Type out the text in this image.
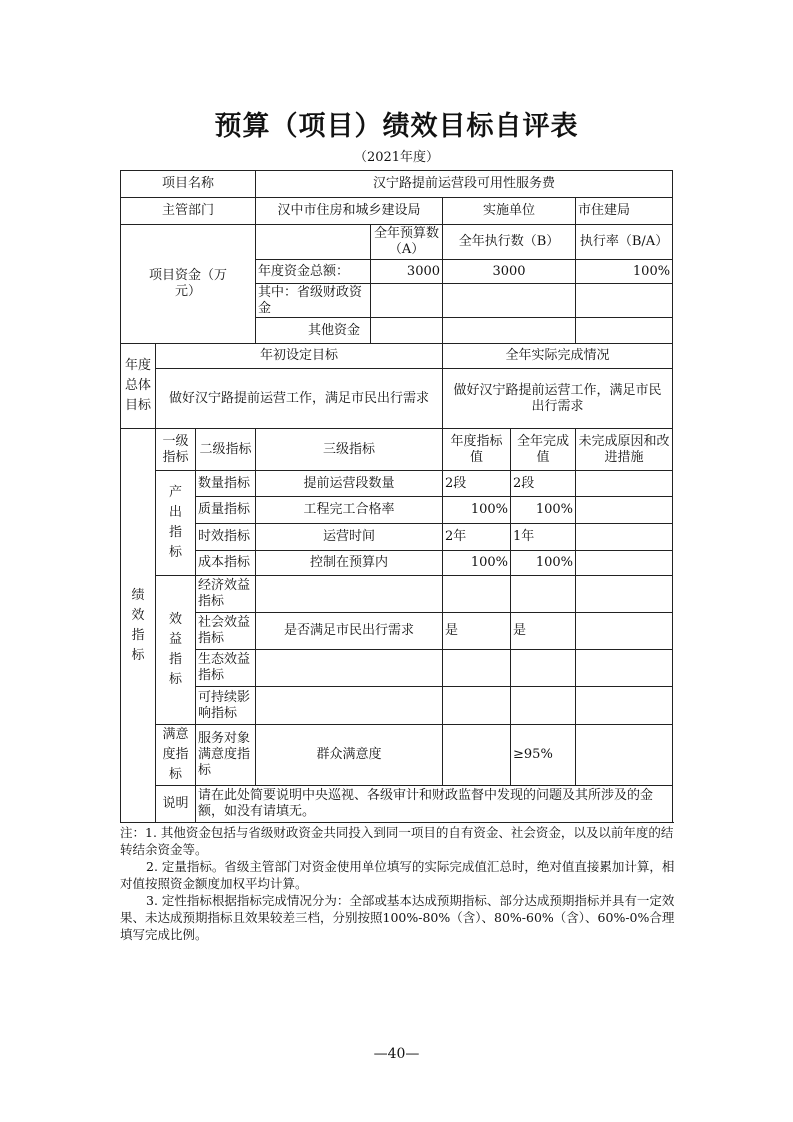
预算（项目）绩效目标自评表
（2021年度）
项目名称			汉宁路提前运营段可用性服务费				
主管部门			汉中市住房和城乡建设局		实施单位		市住建局
项目资金（万元）				全年预算数（A）	全年执行数（B）		执行率（B/A）
			年度资金总额：	3000	3000		100%
			其中：省级财政资金				
			其他资金				
年度总体目标	年初设定目标				全年实际完成情况		
	做好汉宁路提前运营工作，满足市民出行需求				做好汉宁路提前运营工作，满足市民出行需求		
绩效指标	一级指标	二级指标	三级指标		年度指标值	全年完成值	未完成原因和改进措施
	产出指标	数量指标	提前运营段数量		2段	2段	
		质量指标	工程完工合格率		100%	100%	
		时效指标	运营时间		2年	1年	
		成本指标	控制在预算内		100%	100%	
	效益指标	经济效益指标					
		社会效益指标	是否满足市民出行需求		是	是	
		生态效益指标					
		可持续影响指标					
	满意度指标	服务对象满意度指标	群众满意度			≥95%	
	说明	请在此处简要说明中央巡视、各级审计和财政监督中发现的问题及其所涉及的金额，如没有请填无。					

注：1. 其他资金包括与省级财政资金共同投入到同一项目的自有资金、社会资金，以及以前年度的结转结余资金等。

2. 定量指标。省级主管部门对资金使用单位填写的实际完成值汇总时，绝对值直接累加计算，相对值按照资金额度加权平均计算。

3. 定性指标根据指标完成情况分为：全部或基本达成预期指标、部分达成预期指标并具有一定效果、未达成预期指标且效果较差三档，分别按照100%-80%（含）、80%-60%（含）、60%-0%合理填写完成比例。

—40—
